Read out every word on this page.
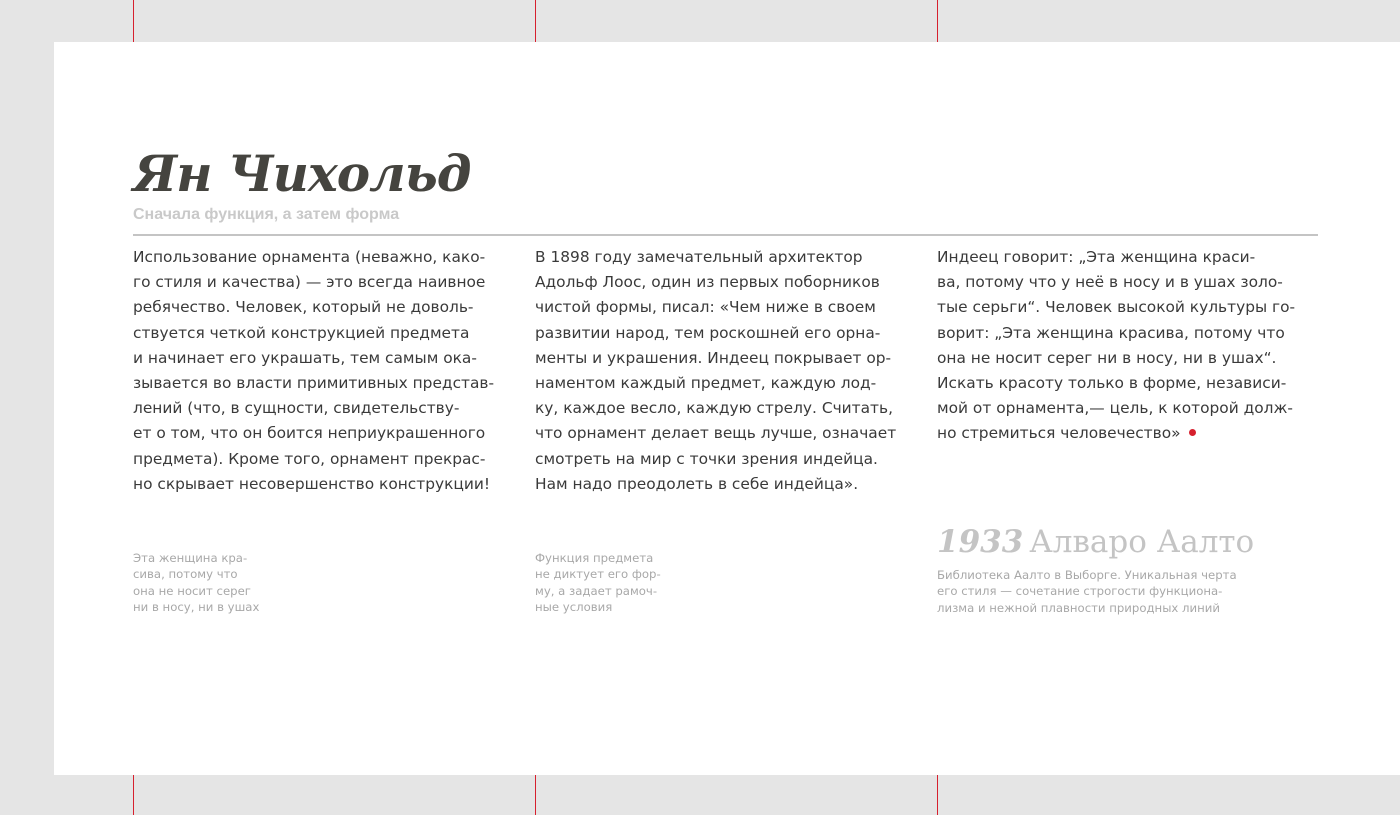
Ян Чихольд
Сначала функция, а затем форма
Использование орнамента (неважно, како-
го стиля и качества) — это всегда наивное
ребячество. Человек, который не доволь-
ствуется четкой конструкцией предмета
и начинает его украшать, тем самым ока-
зывается во власти примитивных представ-
лений (что, в сущности, свидетельству-
ет о том, что он боится неприукрашенного
предмета). Кроме того, орнамент прекрас-
но скрывает несовершенство конструкции!
В 1898 году замечательный архитектор
Адольф Лоос, один из первых поборников
чистой формы, писал: «Чем ниже в своем
развитии народ, тем роскошней его орна-
менты и украшения. Индеец покрывает ор-
наментом каждый предмет, каждую лод-
ку, каждое весло, каждую стрелу. Считать,
что орнамент делает вещь лучше, означает
смотреть на мир с точки зрения индейца.
Нам надо преодолеть в себе индейца».
Индеец говорит: „Эта женщина краси-
ва, потому что у неё в носу и в ушах золо-
тые серьги“. Человек высокой культуры го-
ворит: „Эта женщина красива, потому что
она не носит серег ни в носу, ни в ушах“.
Искать красоту только в форме, независи-
мой от орнамента,— цель, к которой долж-
но стремиться человечество»
Эта женщина кра-
сива, потому что
она не носит серег
ни в носу, ни в ушах
Функция предмета
не диктует его фор-
му, а задает рамоч-
ные условия
1933 Алваро Аалто
Библиотека Аалто в Выборге. Уникальная черта
его стиля — сочетание строгости функциона-
лизма и нежной плавности природных линий
